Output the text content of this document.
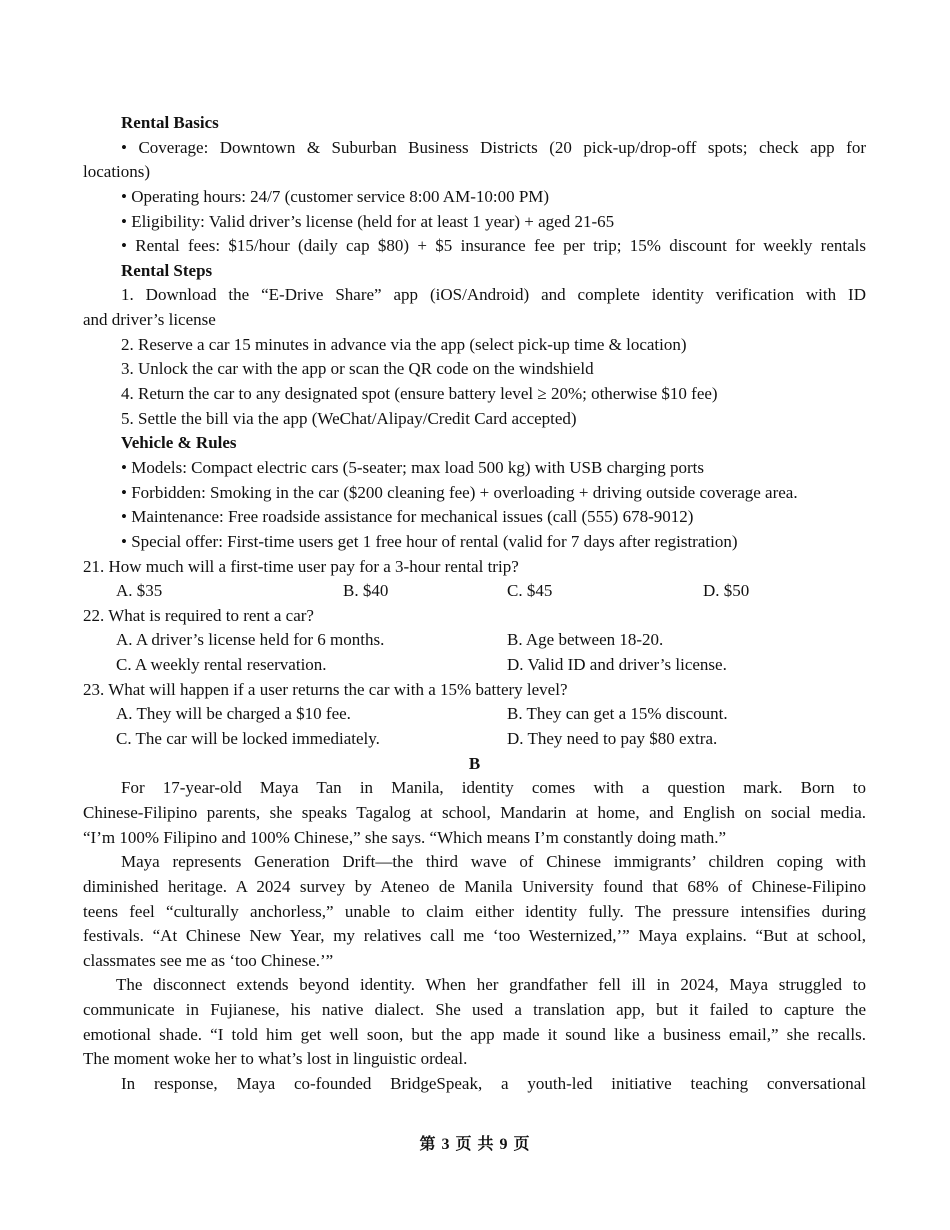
Rental Basics
• Coverage: Downtown & Suburban Business Districts (20 pick-up/drop-off spots; check app for
locations)
• Operating hours: 24/7 (customer service 8:00 AM-10:00 PM)
• Eligibility: Valid driver’s license (held for at least 1 year) + aged 21-65
• Rental fees: $15/hour (daily cap $80) + $5 insurance fee per trip; 15% discount for weekly rentals
Rental Steps
1. Download the “E-Drive Share” app (iOS/Android) and complete identity verification with ID
and driver’s license
2. Reserve a car 15 minutes in advance via the app (select pick-up time & location)
3. Unlock the car with the app or scan the QR code on the windshield
4. Return the car to any designated spot (ensure battery level ≥ 20%; otherwise $10 fee)
5. Settle the bill via the app (WeChat/Alipay/Credit Card accepted)
Vehicle & Rules
• Models: Compact electric cars (5-seater; max load 500 kg) with USB charging ports
• Forbidden: Smoking in the car ($200 cleaning fee) + overloading + driving outside coverage area.
• Maintenance: Free roadside assistance for mechanical issues (call (555) 678-9012)
• Special offer: First-time users get 1 free hour of rental (valid for 7 days after registration)
21. How much will a first-time user pay for a 3-hour rental trip?
A. $35	B. $40	C. $45	D. $50
22. What is required to rent a car?
A. A driver’s license held for 6 months.	B. Age between 18-20.
C. A weekly rental reservation.	D. Valid ID and driver’s license.
23. What will happen if a user returns the car with a 15% battery level?
A. They will be charged a $10 fee.	B. They can get a 15% discount.
C. The car will be locked immediately.	D. They need to pay $80 extra.
B
For 17-year-old Maya Tan in Manila, identity comes with a question mark. Born to
Chinese-Filipino parents, she speaks Tagalog at school, Mandarin at home, and English on social media.
“I’m 100% Filipino and 100% Chinese,” she says. “Which means I’m constantly doing math.”
Maya represents Generation Drift—the third wave of Chinese immigrants’ children coping with
diminished heritage. A 2024 survey by Ateneo de Manila University found that 68% of Chinese-Filipino
teens feel “culturally anchorless,” unable to claim either identity fully. The pressure intensifies during
festivals. “At Chinese New Year, my relatives call me ‘too Westernized,’” Maya explains. “But at school,
classmates see me as ‘too Chinese.’”
The disconnect extends beyond identity. When her grandfather fell ill in 2024, Maya struggled to
communicate in Fujianese, his native dialect. She used a translation app, but it failed to capture the
emotional shade. “I told him get well soon, but the app made it sound like a business email,” she recalls.
The moment woke her to what’s lost in linguistic ordeal.
In response, Maya co-founded BridgeSpeak, a youth-led initiative teaching conversational
第 3 页 共 9 页
